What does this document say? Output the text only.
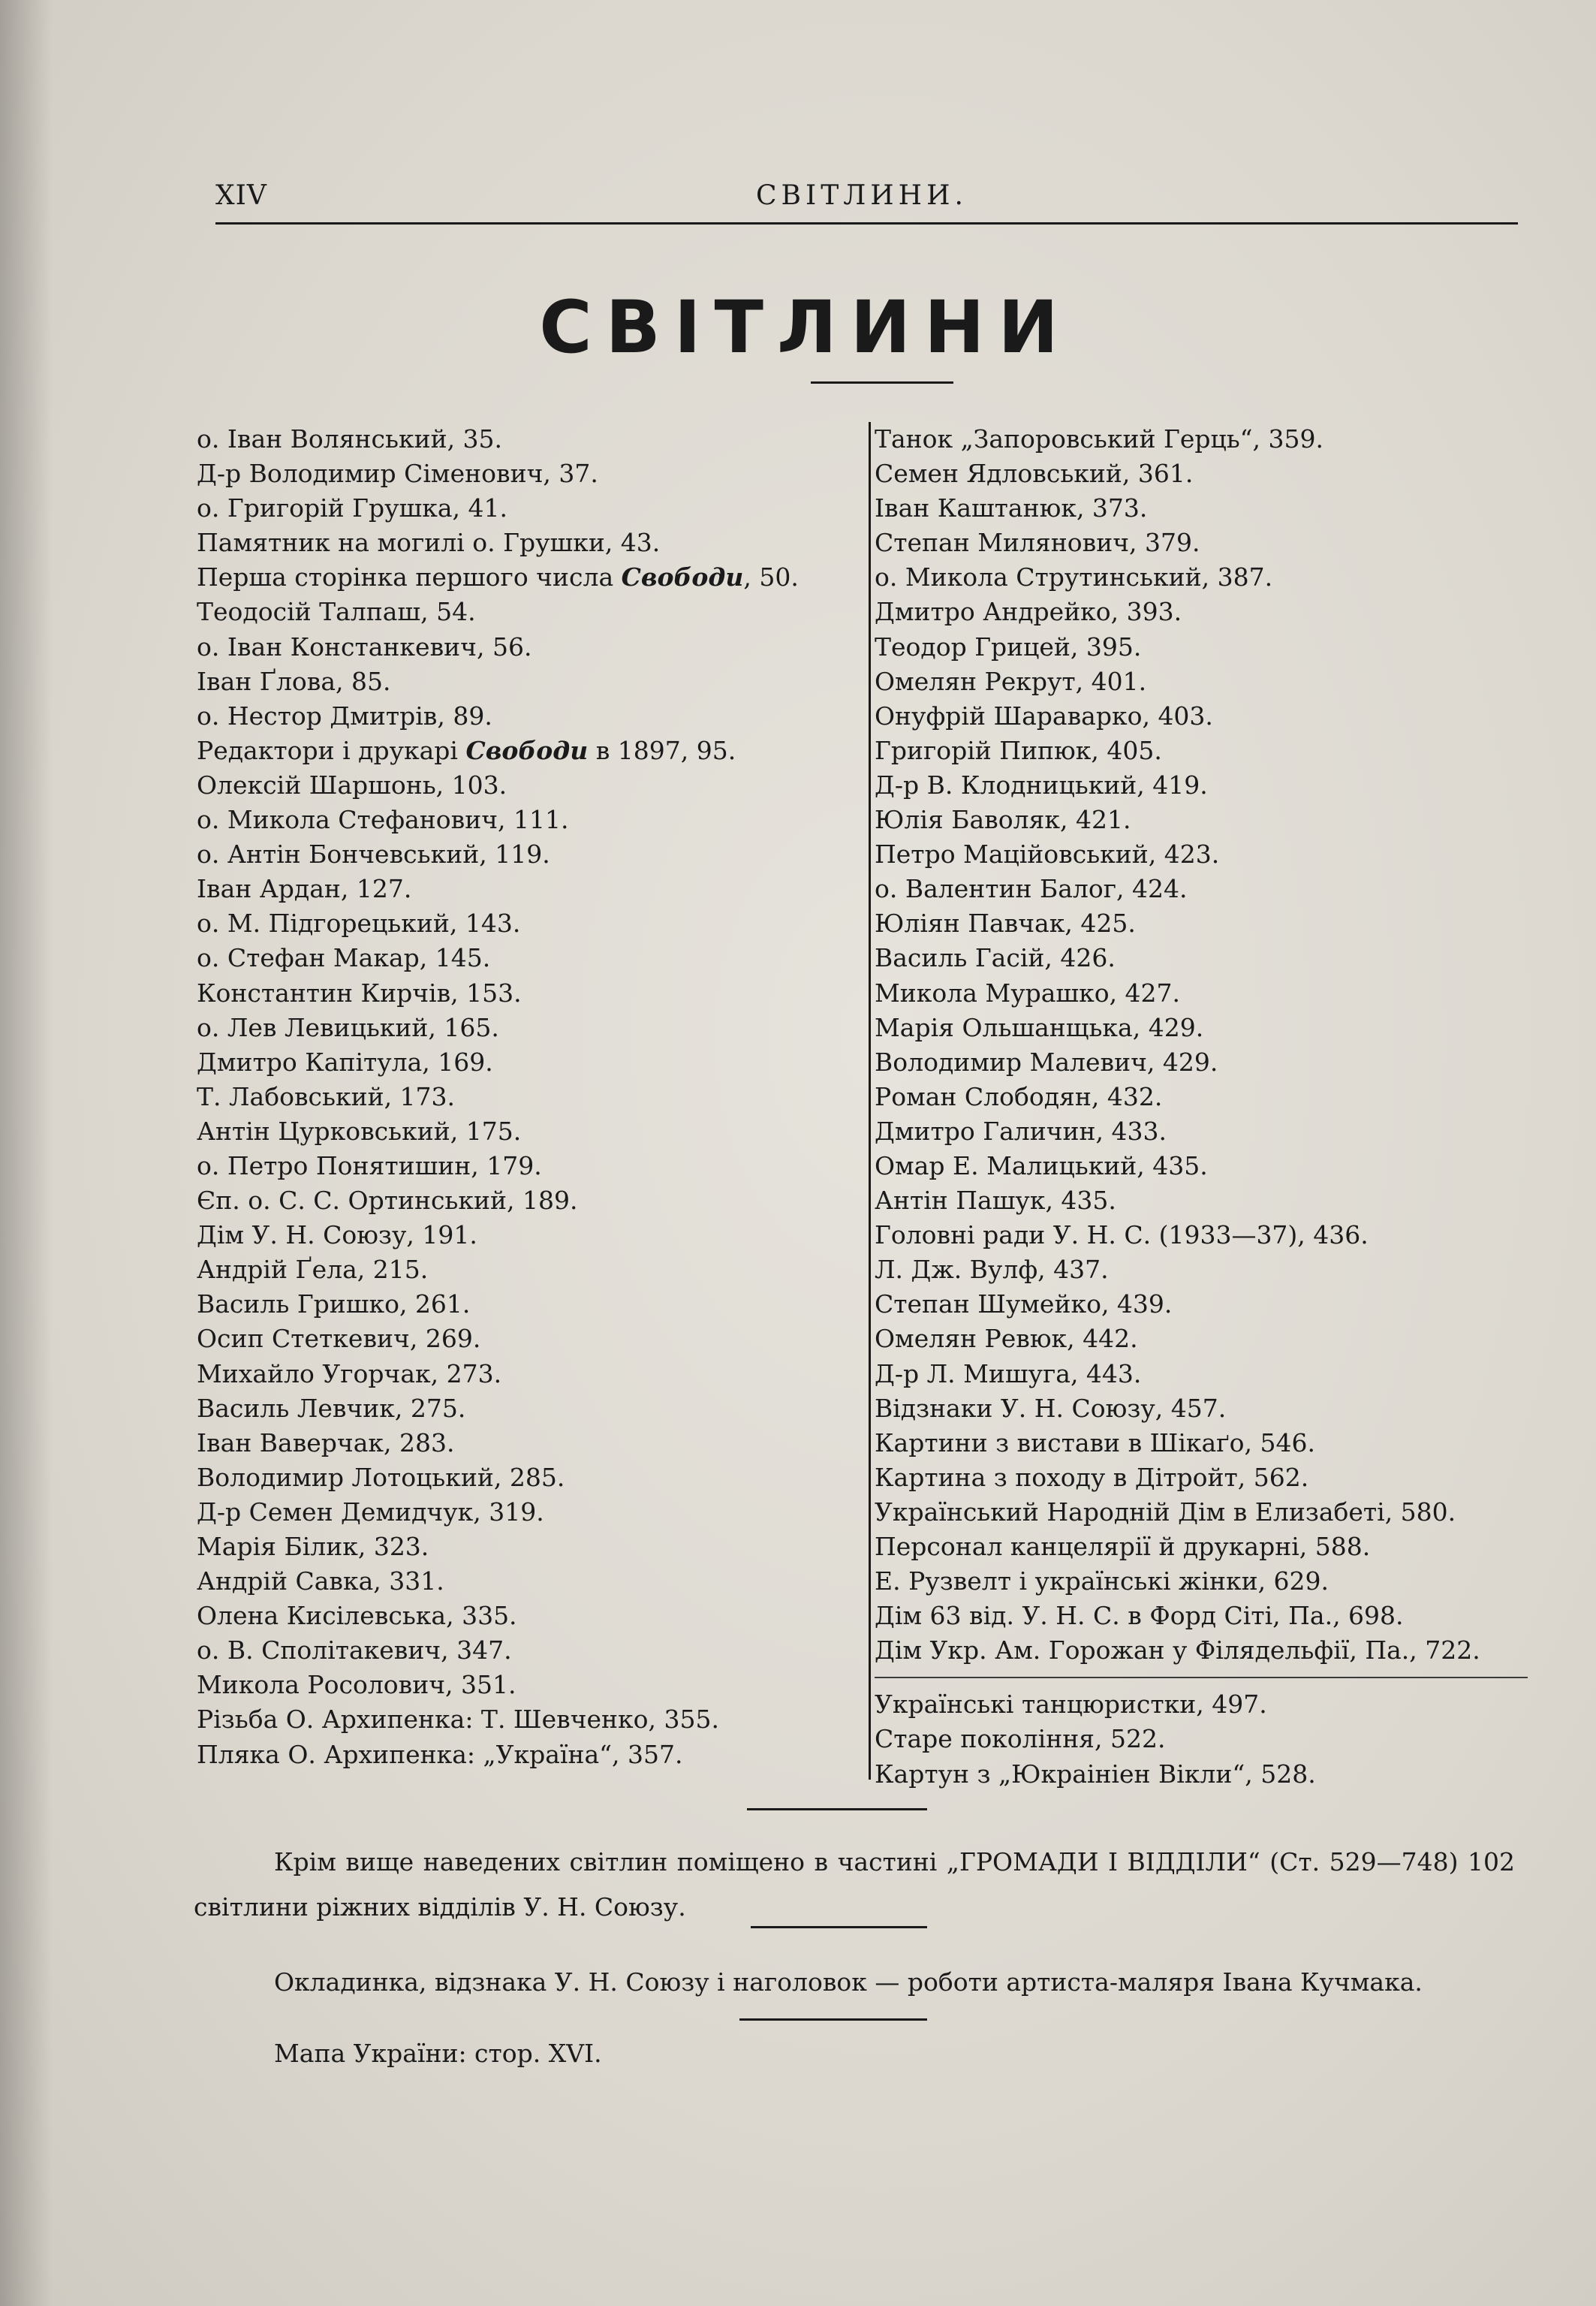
XIV	СВІТЛИНИ.
СВІТЛИНИ
о. Іван Волянський, 35.
Д-р Володимир Сіменович, 37.
о. Григорій Грушка, 41.
Памятник на могилі о. Грушки, 43.
Перша сторінка першого числа Свободи, 50.
Теодосій Талпаш, 54.
о. Іван Констанкевич, 56.
Іван Ґлова, 85.
о. Нестор Дмитрів, 89.
Редактори і друкарі Свободи в 1897, 95.
Олексій Шаршонь, 103.
о. Микола Стефанович, 111.
о. Антін Бончевський, 119.
Іван Ардан, 127.
о. М. Підгорецький, 143.
о. Стефан Макар, 145.
Константин Кирчів, 153.
о. Лев Левицький, 165.
Дмитро Капітула, 169.
Т. Лабовський, 173.
Антін Цурковський, 175.
о. Петро Понятишин, 179.
Єп. о. С. С. Ортинський, 189.
Дім У. Н. Союзу, 191.
Андрій Ґела, 215.
Василь Гришко, 261.
Осип Стеткевич, 269.
Михайло Угорчак, 273.
Василь Левчик, 275.
Іван Ваверчак, 283.
Володимир Лотоцький, 285.
Д-р Семен Демидчук, 319.
Марія Білик, 323.
Андрій Савка, 331.
Олена Кисілевська, 335.
о. В. Сполітакевич, 347.
Микола Росолович, 351.
Різьба О. Архипенка: Т. Шевченко, 355.
Пляка О. Архипенка: „Україна“, 357.
Танок „Запоровський Герць“, 359.
Семен Ядловський, 361.
Іван Каштанюк, 373.
Степан Милянович, 379.
о. Микола Струтинський, 387.
Дмитро Андрейко, 393.
Теодор Грицей, 395.
Омелян Рекрут, 401.
Онуфрій Шараварко, 403.
Григорій Пипюк, 405.
Д-р В. Клодницький, 419.
Юлія Баволяк, 421.
Петро Маційовський, 423.
о. Валентин Балог, 424.
Юліян Павчак, 425.
Василь Гасій, 426.
Микола Мурашко, 427.
Марія Ольшанщька, 429.
Володимир Малевич, 429.
Роман Слободян, 432.
Дмитро Галичин, 433.
Омар Е. Малицький, 435.
Антін Пашук, 435.
Головні ради У. Н. С. (1933—37), 436.
Л. Дж. Вулф, 437.
Степан Шумейко, 439.
Омелян Ревюк, 442.
Д-р Л. Мишуга, 443.
Відзнаки У. Н. Союзу, 457.
Картини з вистави в Шікаґо, 546.
Картина з походу в Дітройт, 562.
Український Народній Дім в Елизабеті, 580.
Персонал канцелярії й друкарні, 588.
Е. Рузвелт і українські жінки, 629.
Дім 63 від. У. Н. С. в Форд Сіті, Па., 698.
Дім Укр. Ам. Горожан у Філядельфії, Па., 722.
Українські танцюристки, 497.
Старе покоління, 522.
Картун з „Юкраініен Вікли“, 528.
Крім вище наведених світлин поміщено в частині „ГРОМАДИ І ВІДДІЛИ“ (Ст. 529—748) 102 світлини ріжних відділів У. Н. Союзу.
Окладинка, відзнака У. Н. Союзу і наголовок — роботи артиста-маляря Івана Кучмака.
Мапа України: стор. XVI.
